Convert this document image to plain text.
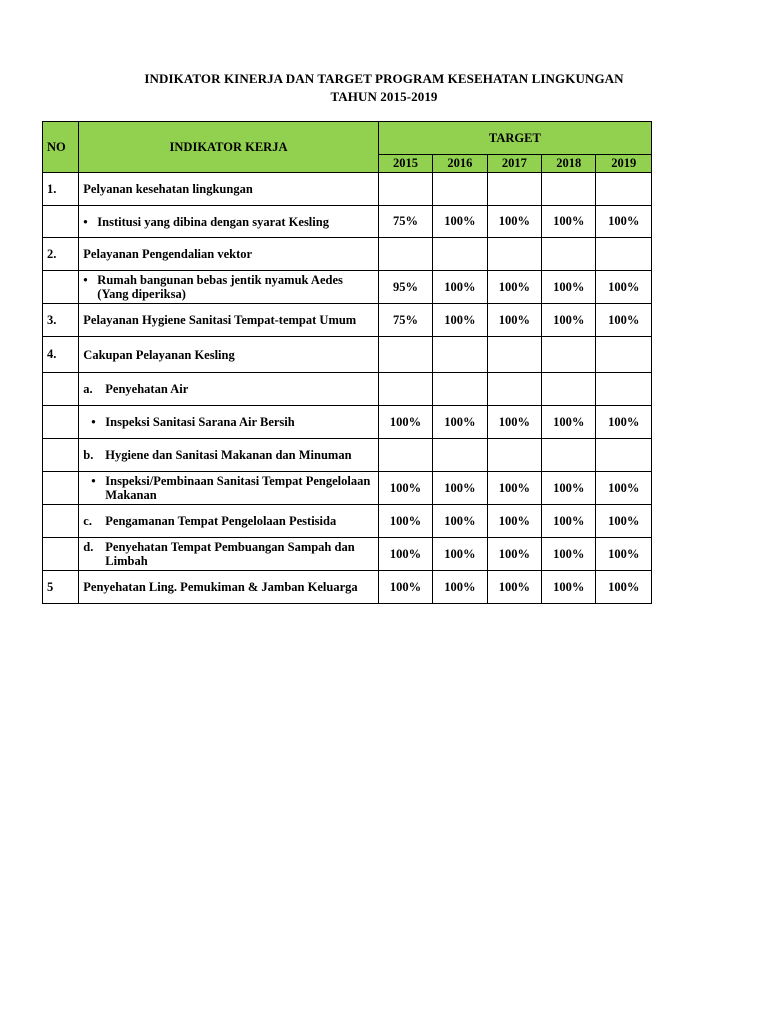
INDIKATOR KINERJA DAN TARGET PROGRAM KESEHATAN LINGKUNGAN
TAHUN 2015-2019
NO	INDIKATOR KERJA	TARGET				
		2015	2016	2017	2018	2019
1.	Pelyanan kesehatan lingkungan					

	• Institusi yang dibina dengan syarat Kesling	75%	100%	100%	100%	100%
2.	Pelayanan Pengendalian vektor					

	• Rumah bangunan bebas jentik nyamuk Aedes (Yang diperiksa)	95%	100%	100%	100%	100%
3.	Pelayanan Hygiene Sanitasi Tempat-tempat Umum	75%	100%	100%	100%	100%
4.	Cakupan Pelayanan Kesling					

	a. Penyehatan Air					

	• Inspeksi Sanitasi Sarana Air Bersih	100%	100%	100%	100%	100%

	b. Hygiene dan Sanitasi Makanan dan Minuman					

	• Inspeksi/Pembinaan Sanitasi Tempat Pengelolaan Makanan	100%	100%	100%	100%	100%

	c. Pengamanan Tempat Pengelolaan Pestisida	100%	100%	100%	100%	100%

	d. Penyehatan Tempat Pembuangan Sampah dan Limbah	100%	100%	100%	100%	100%
5	Penyehatan Ling. Pemukiman & Jamban Keluarga	100%	100%	100%	100%	100%
